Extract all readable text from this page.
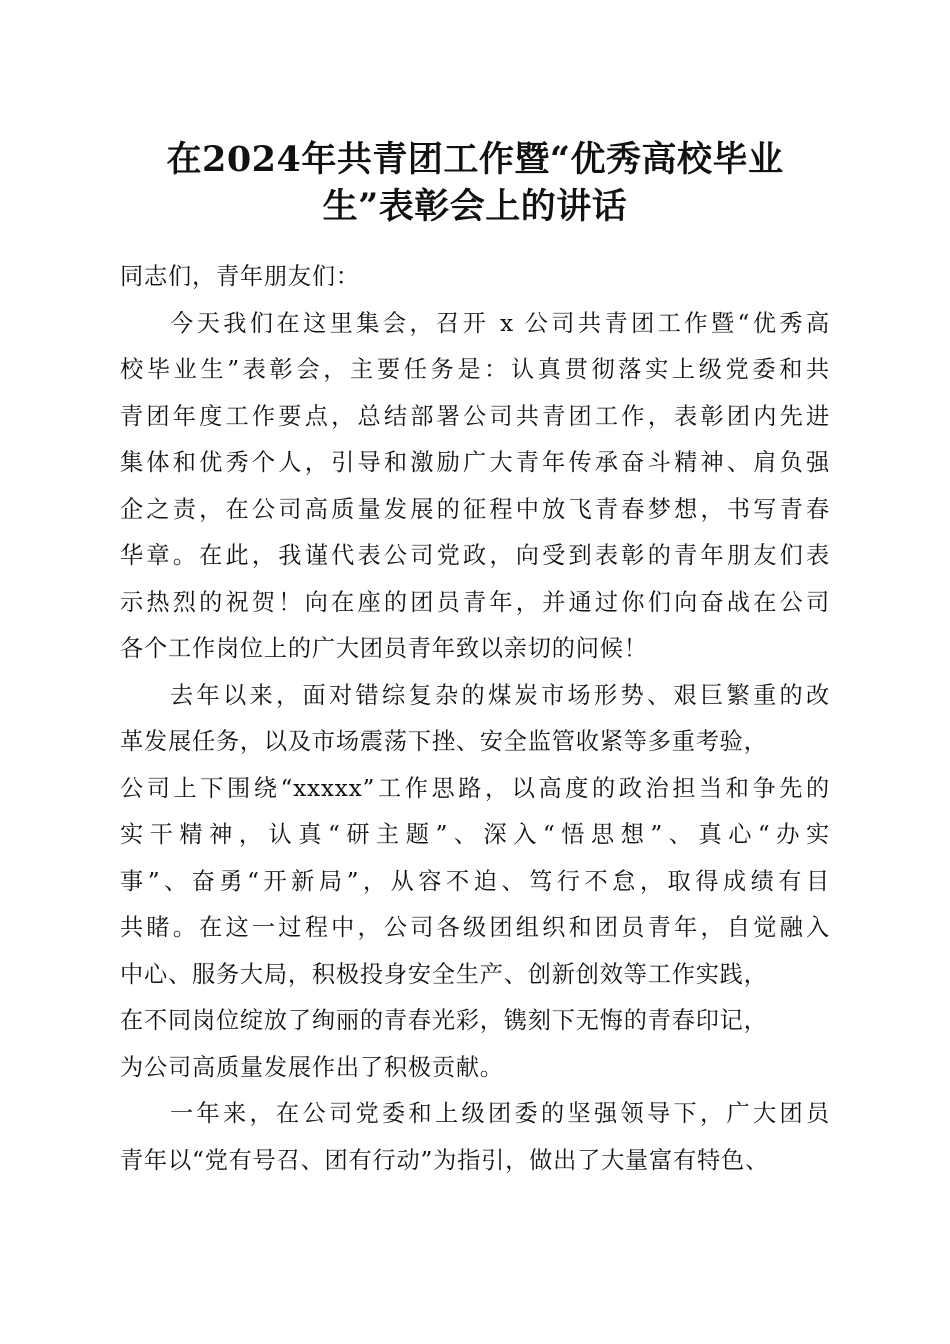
在2024年共青团工作暨“优秀高校毕业
生”表彰会上的讲话
同志们，青年朋友们：
今天我们在这里集会，召开 x 公司共青团工作暨“优秀高
校毕业生”表彰会，主要任务是：认真贯彻落实上级党委和共
青团年度工作要点，总结部署公司共青团工作，表彰团内先进
集体和优秀个人，引导和激励广大青年传承奋斗精神、肩负强
企之责，在公司高质量发展的征程中放飞青春梦想，书写青春
华章。在此，我谨代表公司党政，向受到表彰的青年朋友们表
示热烈的祝贺！向在座的团员青年，并通过你们向奋战在公司
各个工作岗位上的广大团员青年致以亲切的问候！
去年以来，面对错综复杂的煤炭市场形势、艰巨繁重的改
革发展任务，以及市场震荡下挫、安全监管收紧等多重考验，
公司上下围绕“xxxxx”工作思路，以高度的政治担当和争先的
实干精神，认真“研主题”、深入“悟思想”、真心“办实
事”、奋勇“开新局”，从容不迫、笃行不怠，取得成绩有目
共睹。在这一过程中，公司各级团组织和团员青年，自觉融入
中心、服务大局，积极投身安全生产、创新创效等工作实践，
在不同岗位绽放了绚丽的青春光彩，镌刻下无悔的青春印记，
为公司高质量发展作出了积极贡献。
一年来，在公司党委和上级团委的坚强领导下，广大团员
青年以“党有号召、团有行动”为指引，做出了大量富有特色、
